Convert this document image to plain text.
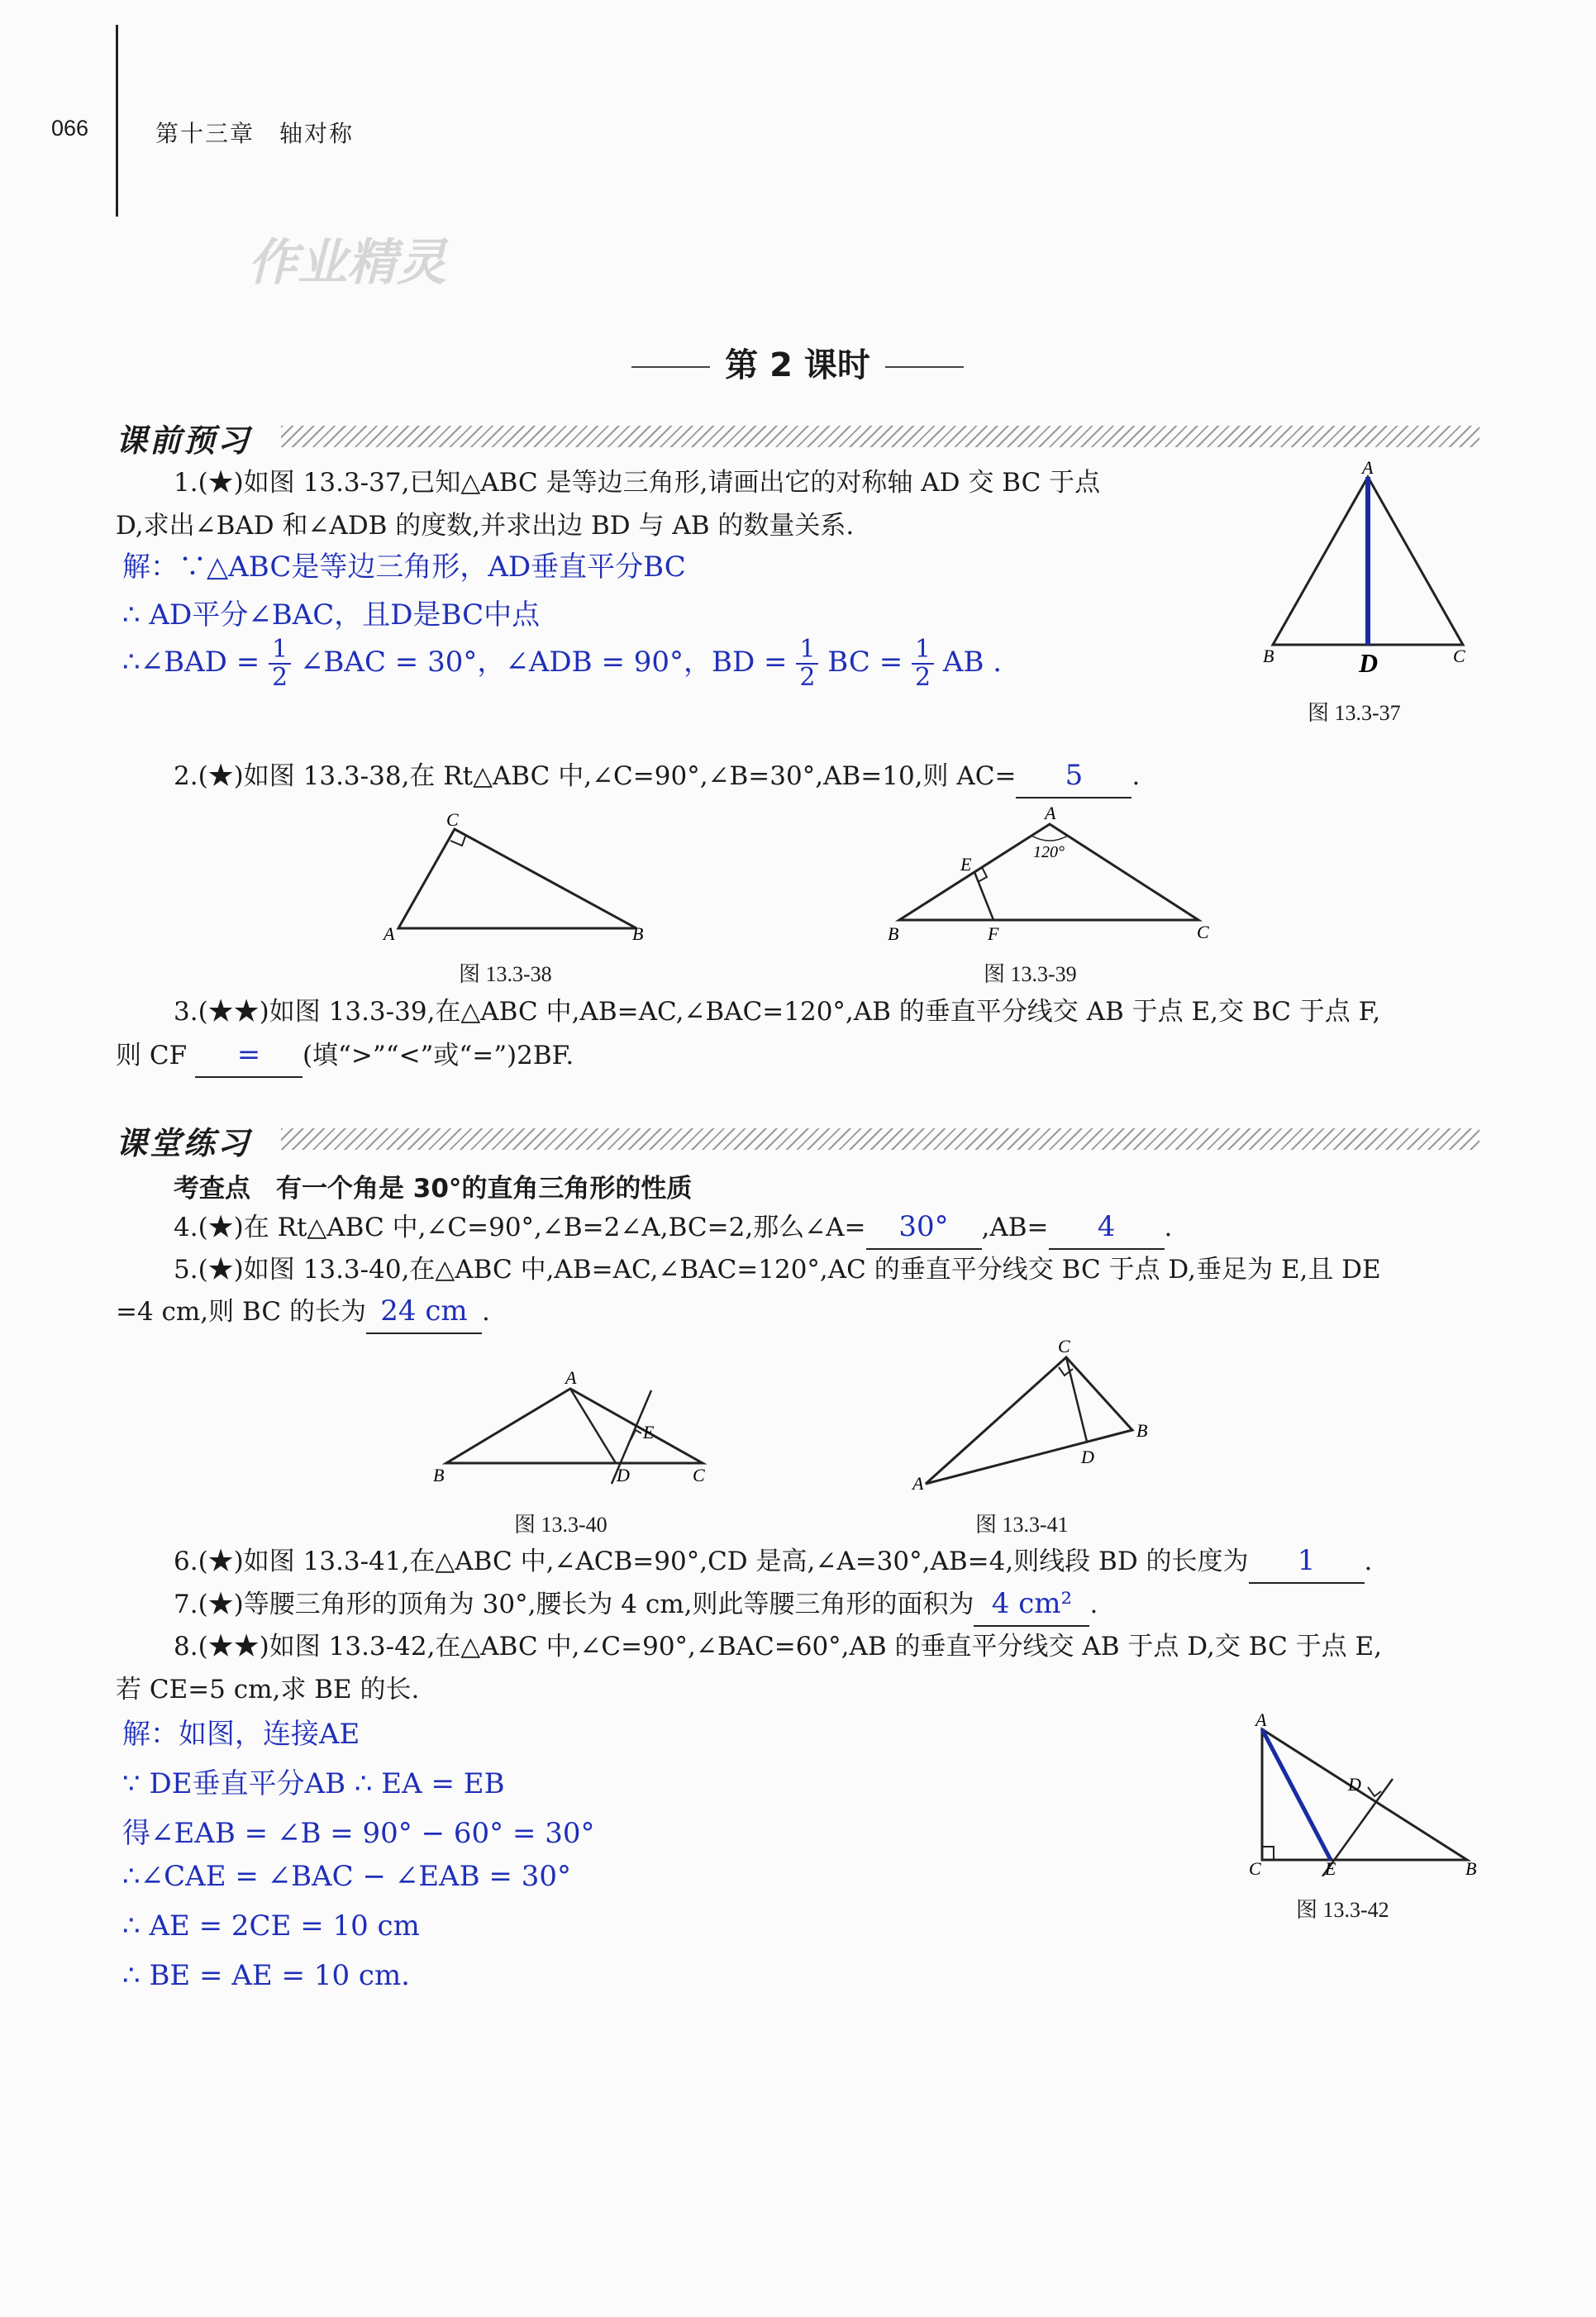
066	第十三章　轴对称
作业精灵
第 2 课时
课前预习
1.(★)如图 13.3-37,已知△ABC 是等边三角形,请画出它的对称轴 AD 交 BC 于点
D,求出∠BAD 和∠ADB 的度数,并求出边 BD 与 AB 的数量关系.
解：∵△ABC是等边三角形，AD垂直平分BC
∴ AD平分∠BAC，且D是BC中点
∴∠BAD = $\frac{1}{2}$ ∠BAC = 30°，∠ADB = 90°，BD = $\frac{1}{2}$ BC = $\frac{1}{2}$ AB .
A
B	C
D
图 13.3-37
2.(★)如图 13.3-38,在 Rt△ABC 中,∠C=90°,∠B=30°,AB=10,则 AC= 5 .
C
A	B
图 13.3-38
A
120°
E
B	F	C
图 13.3-39
3.(★★)如图 13.3-39,在△ABC 中,AB=AC,∠BAC=120°,AB 的垂直平分线交 AB 于点 E,交 BC 于点 F,
则 CF = (填“>”“<”或“=”)2BF.
课堂练习
考查点　有一个角是 30°的直角三角形的性质
4.(★)在 Rt△ABC 中,∠C=90°,∠B=2∠A,BC=2,那么∠A= 30° ,AB= 4 .
5.(★)如图 13.3-40,在△ABC 中,AB=AC,∠BAC=120°,AC 的垂直平分线交 BC 于点 D,垂足为 E,且 DE
=4 cm,则 BC 的长为 24 cm .
A
E
B	D	C
图 13.3-40
C
B
D
A
图 13.3-41
6.(★)如图 13.3-41,在△ABC 中,∠ACB=90°,CD 是高,∠A=30°,AB=4,则线段 BD 的长度为 1 .
7.(★)等腰三角形的顶角为 30°,腰长为 4 cm,则此等腰三角形的面积为 4 cm² .
8.(★★)如图 13.3-42,在△ABC 中,∠C=90°,∠BAC=60°,AB 的垂直平分线交 AB 于点 D,交 BC 于点 E,
若 CE=5 cm,求 BE 的长.
解：如图，连接AE
∵ DE垂直平分AB ∴ EA = EB
得∠EAB = ∠B = 90° − 60° = 30°
∴∠CAE = ∠BAC − ∠EAB = 30°
∴ AE = 2CE = 10 cm
∴ BE = AE = 10 cm.
A
D
C	E	B
图 13.3-42
